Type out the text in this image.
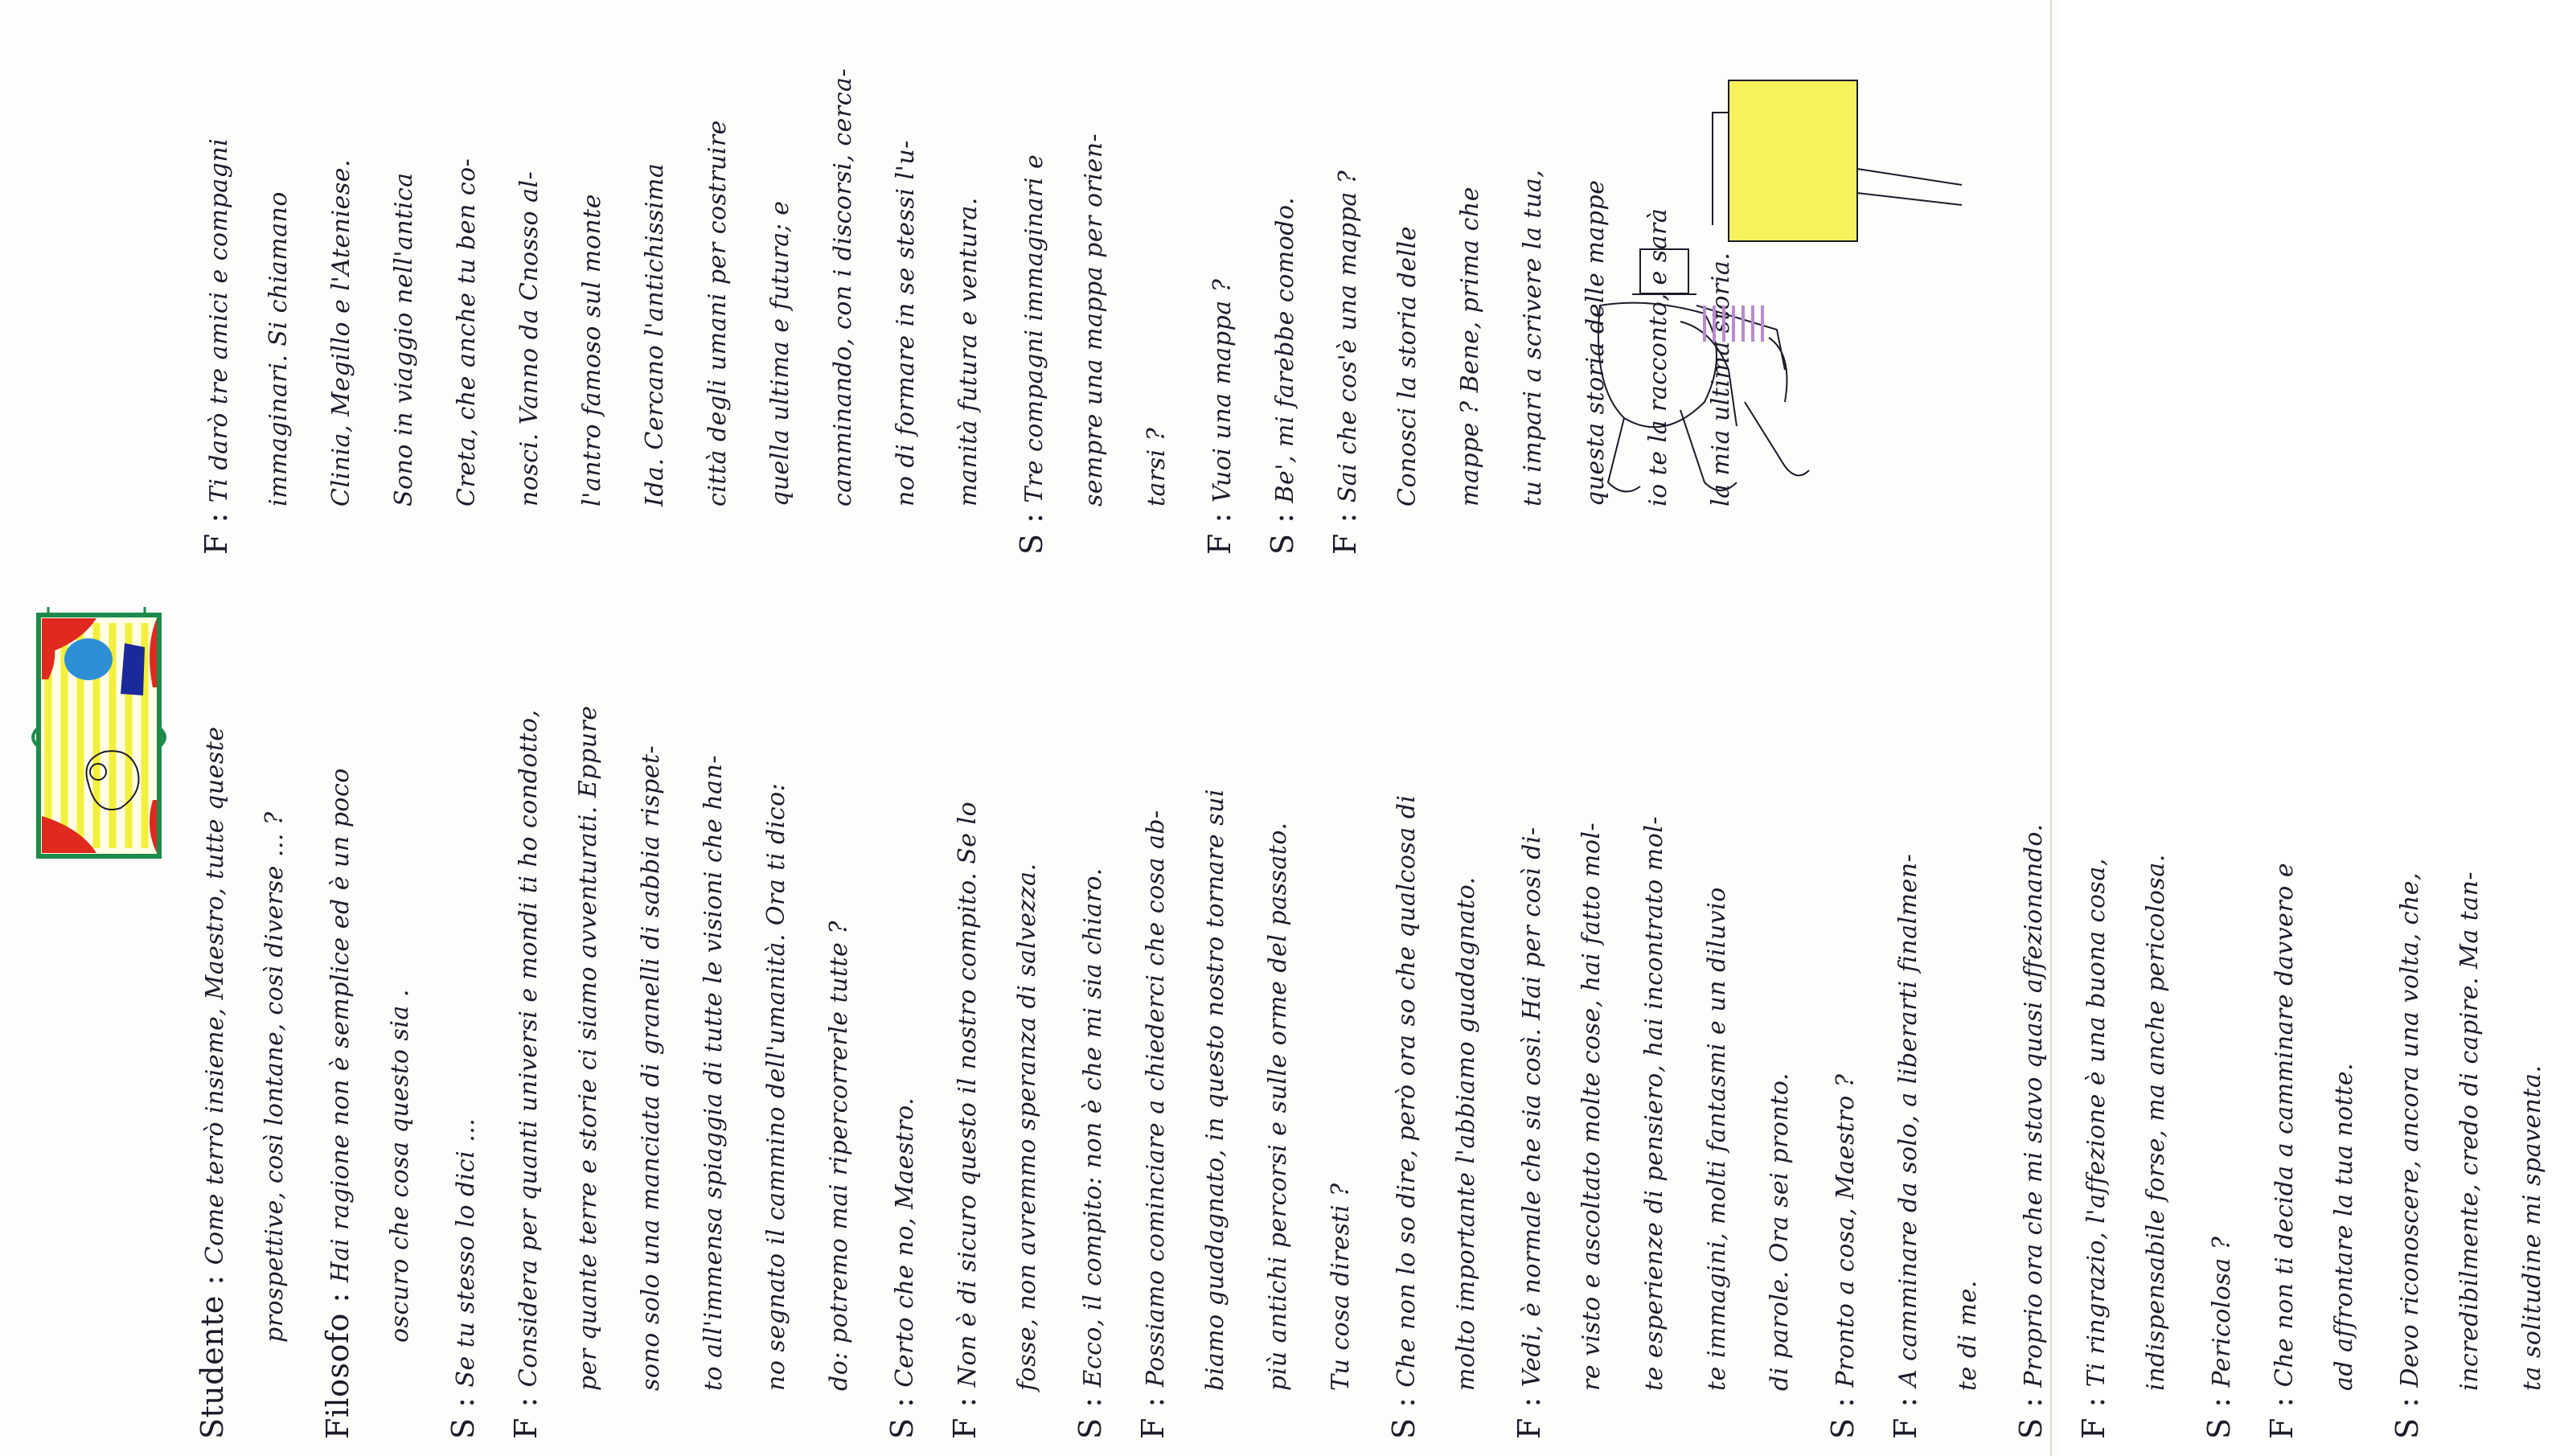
Studente :Come terrò insieme, Maestro, tutte queste	prospettive, così lontane, così diverse ... ?
Filosofo :Hai ragione non è semplice ed è un poco	oscuro che cosa questo sia .
S :Se tu stesso lo dici ...
F :Considera per quanti universi e mondi ti ho condotto,	per quante terre e storie ci siamo avventurati. Eppure	sono solo una manciata di granelli di sabbia rispet-	to all'immensa spiaggia di tutte le visioni che han-	no segnato il cammino dell'umanità. Ora ti dico:	do: potremo mai ripercorrerle tutte ?
S :Certo che no, Maestro.
F :Non è di sicuro questo il nostro compito. Se lo	fosse, non avremmo speranza di salvezza.
S :Ecco, il compito: non è che mi sia chiaro.
F :Possiamo cominciare a chiederci che cosa ab-	biamo guadagnato, in questo nostro tornare sui	più antichi percorsi e sulle orme del passato.	Tu cosa diresti ?
S :Che non lo so dire, però ora so che qualcosa di	molto importante l'abbiamo guadagnato.
F :Vedi, è normale che sia così. Hai per così di-	re visto e ascoltato molte cose, hai fatto mol-	te esperienze di pensiero, hai incontrato mol-	te immagini, molti fantasmi e un diluvio	di parole. Ora sei pronto.
S :Pronto a cosa, Maestro ?
F :A camminare da solo, a liberarti finalmen-	te di me.
S :Proprio ora che mi stavo quasi affezionando.
F :Ti ringrazio, l'affezione è una buona cosa,	indispensabile forse, ma anche pericolosa.
S :Pericolosa ?
F :Che non ti decida a camminare davvero e	ad affrontare la tua notte.
S :Devo riconoscere, ancora una volta, che,	incredibilmente, credo di capire. Ma tan-	ta solitudine mi spaventa.
F :Ti darò tre amici e compagni	immaginari. Si chiamano	Clinia, Megillo e l'Ateniese.	Sono in viaggio nell'antica	Creta, che anche tu ben co-	nosci. Vanno da Cnosso al-	l'antro famoso sul monte	Ida. Cercano l'antichissima	città degli umani per costruire	quella ultima e futura; e	camminando, con i discorsi, cerca-	no di formare in se stessi l'u-	manità futura e ventura.
S :Tre compagni immaginari e	sempre una mappa per orien-	tarsi ?
F :Vuoi una mappa ?
S :Be', mi farebbe comodo.
F :Sai che cos'è una mappa ?	Conosci la storia delle	mappe ? Bene, prima che	tu impari a scrivere la tua,	questa storia delle mappe	io te la racconto, e sarà	la mia ultima storia.
